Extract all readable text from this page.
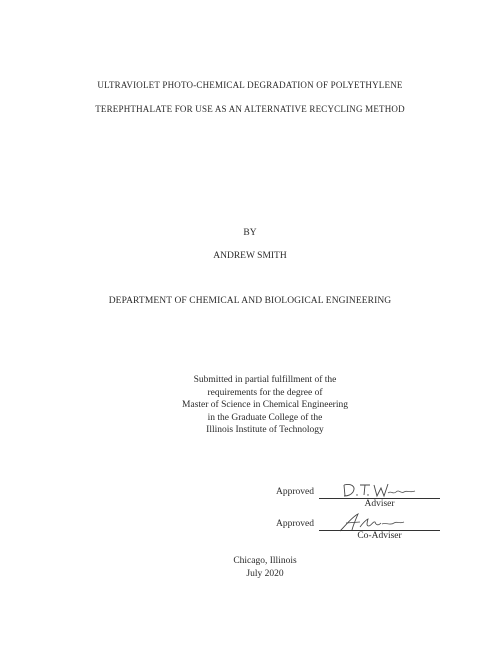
ULTRAVIOLET PHOTO-CHEMICAL DEGRADATION OF POLYETHYLENE
TEREPHTHALATE FOR USE AS AN ALTERNATIVE RECYCLING METHOD
BY
ANDREW SMITH
DEPARTMENT OF CHEMICAL AND BIOLOGICAL ENGINEERING
Submitted in partial fulfillment of the
requirements for the degree of
Master of Science in Chemical Engineering
in the Graduate College of the
Illinois Institute of Technology
Approved
Adviser
Approved
Co-Adviser
Chicago, Illinois
July 2020
